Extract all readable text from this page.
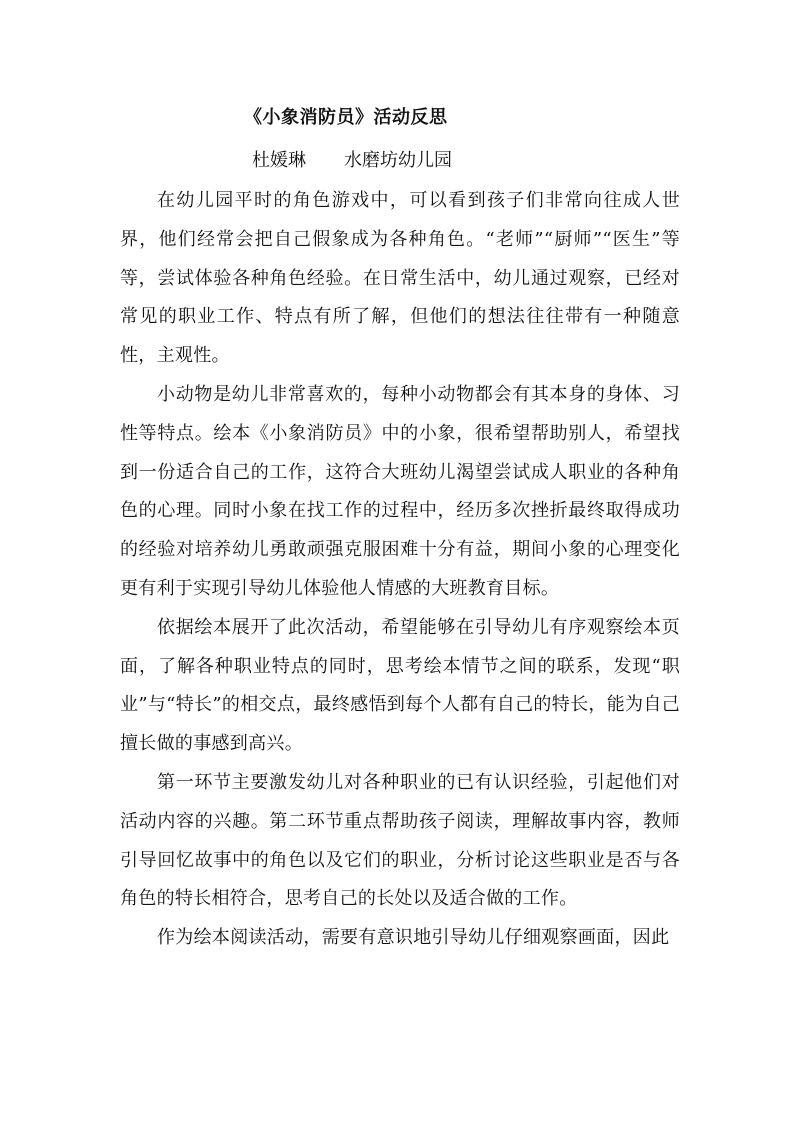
《小象消防员》活动反思
杜媛琳 水磨坊幼儿园

在幼儿园平时的角色游戏中，可以看到孩子们非常向往成人世界，他们经常会把自己假象成为各种角色。“老师”“厨师”“医生”等等，尝试体验各种角色经验。在日常生活中，幼儿通过观察，已经对常见的职业工作、特点有所了解，但他们的想法往往带有一种随意性，主观性。

小动物是幼儿非常喜欢的，每种小动物都会有其本身的身体、习性等特点。绘本《小象消防员》中的小象，很希望帮助别人，希望找到一份适合自己的工作，这符合大班幼儿渴望尝试成人职业的各种角色的心理。同时小象在找工作的过程中，经历多次挫折最终取得成功的经验对培养幼儿勇敢顽强克服困难十分有益，期间小象的心理变化更有利于实现引导幼儿体验他人情感的大班教育目标。

依据绘本展开了此次活动，希望能够在引导幼儿有序观察绘本页面，了解各种职业特点的同时，思考绘本情节之间的联系，发现“职业”与“特长”的相交点，最终感悟到每个人都有自己的特长，能为自己擅长做的事感到高兴。

第一环节主要激发幼儿对各种职业的已有认识经验，引起他们对活动内容的兴趣。第二环节重点帮助孩子阅读，理解故事内容，教师引导回忆故事中的角色以及它们的职业，分析讨论这些职业是否与各角色的特长相符合，思考自己的长处以及适合做的工作。

作为绘本阅读活动，需要有意识地引导幼儿仔细观察画面，因此
